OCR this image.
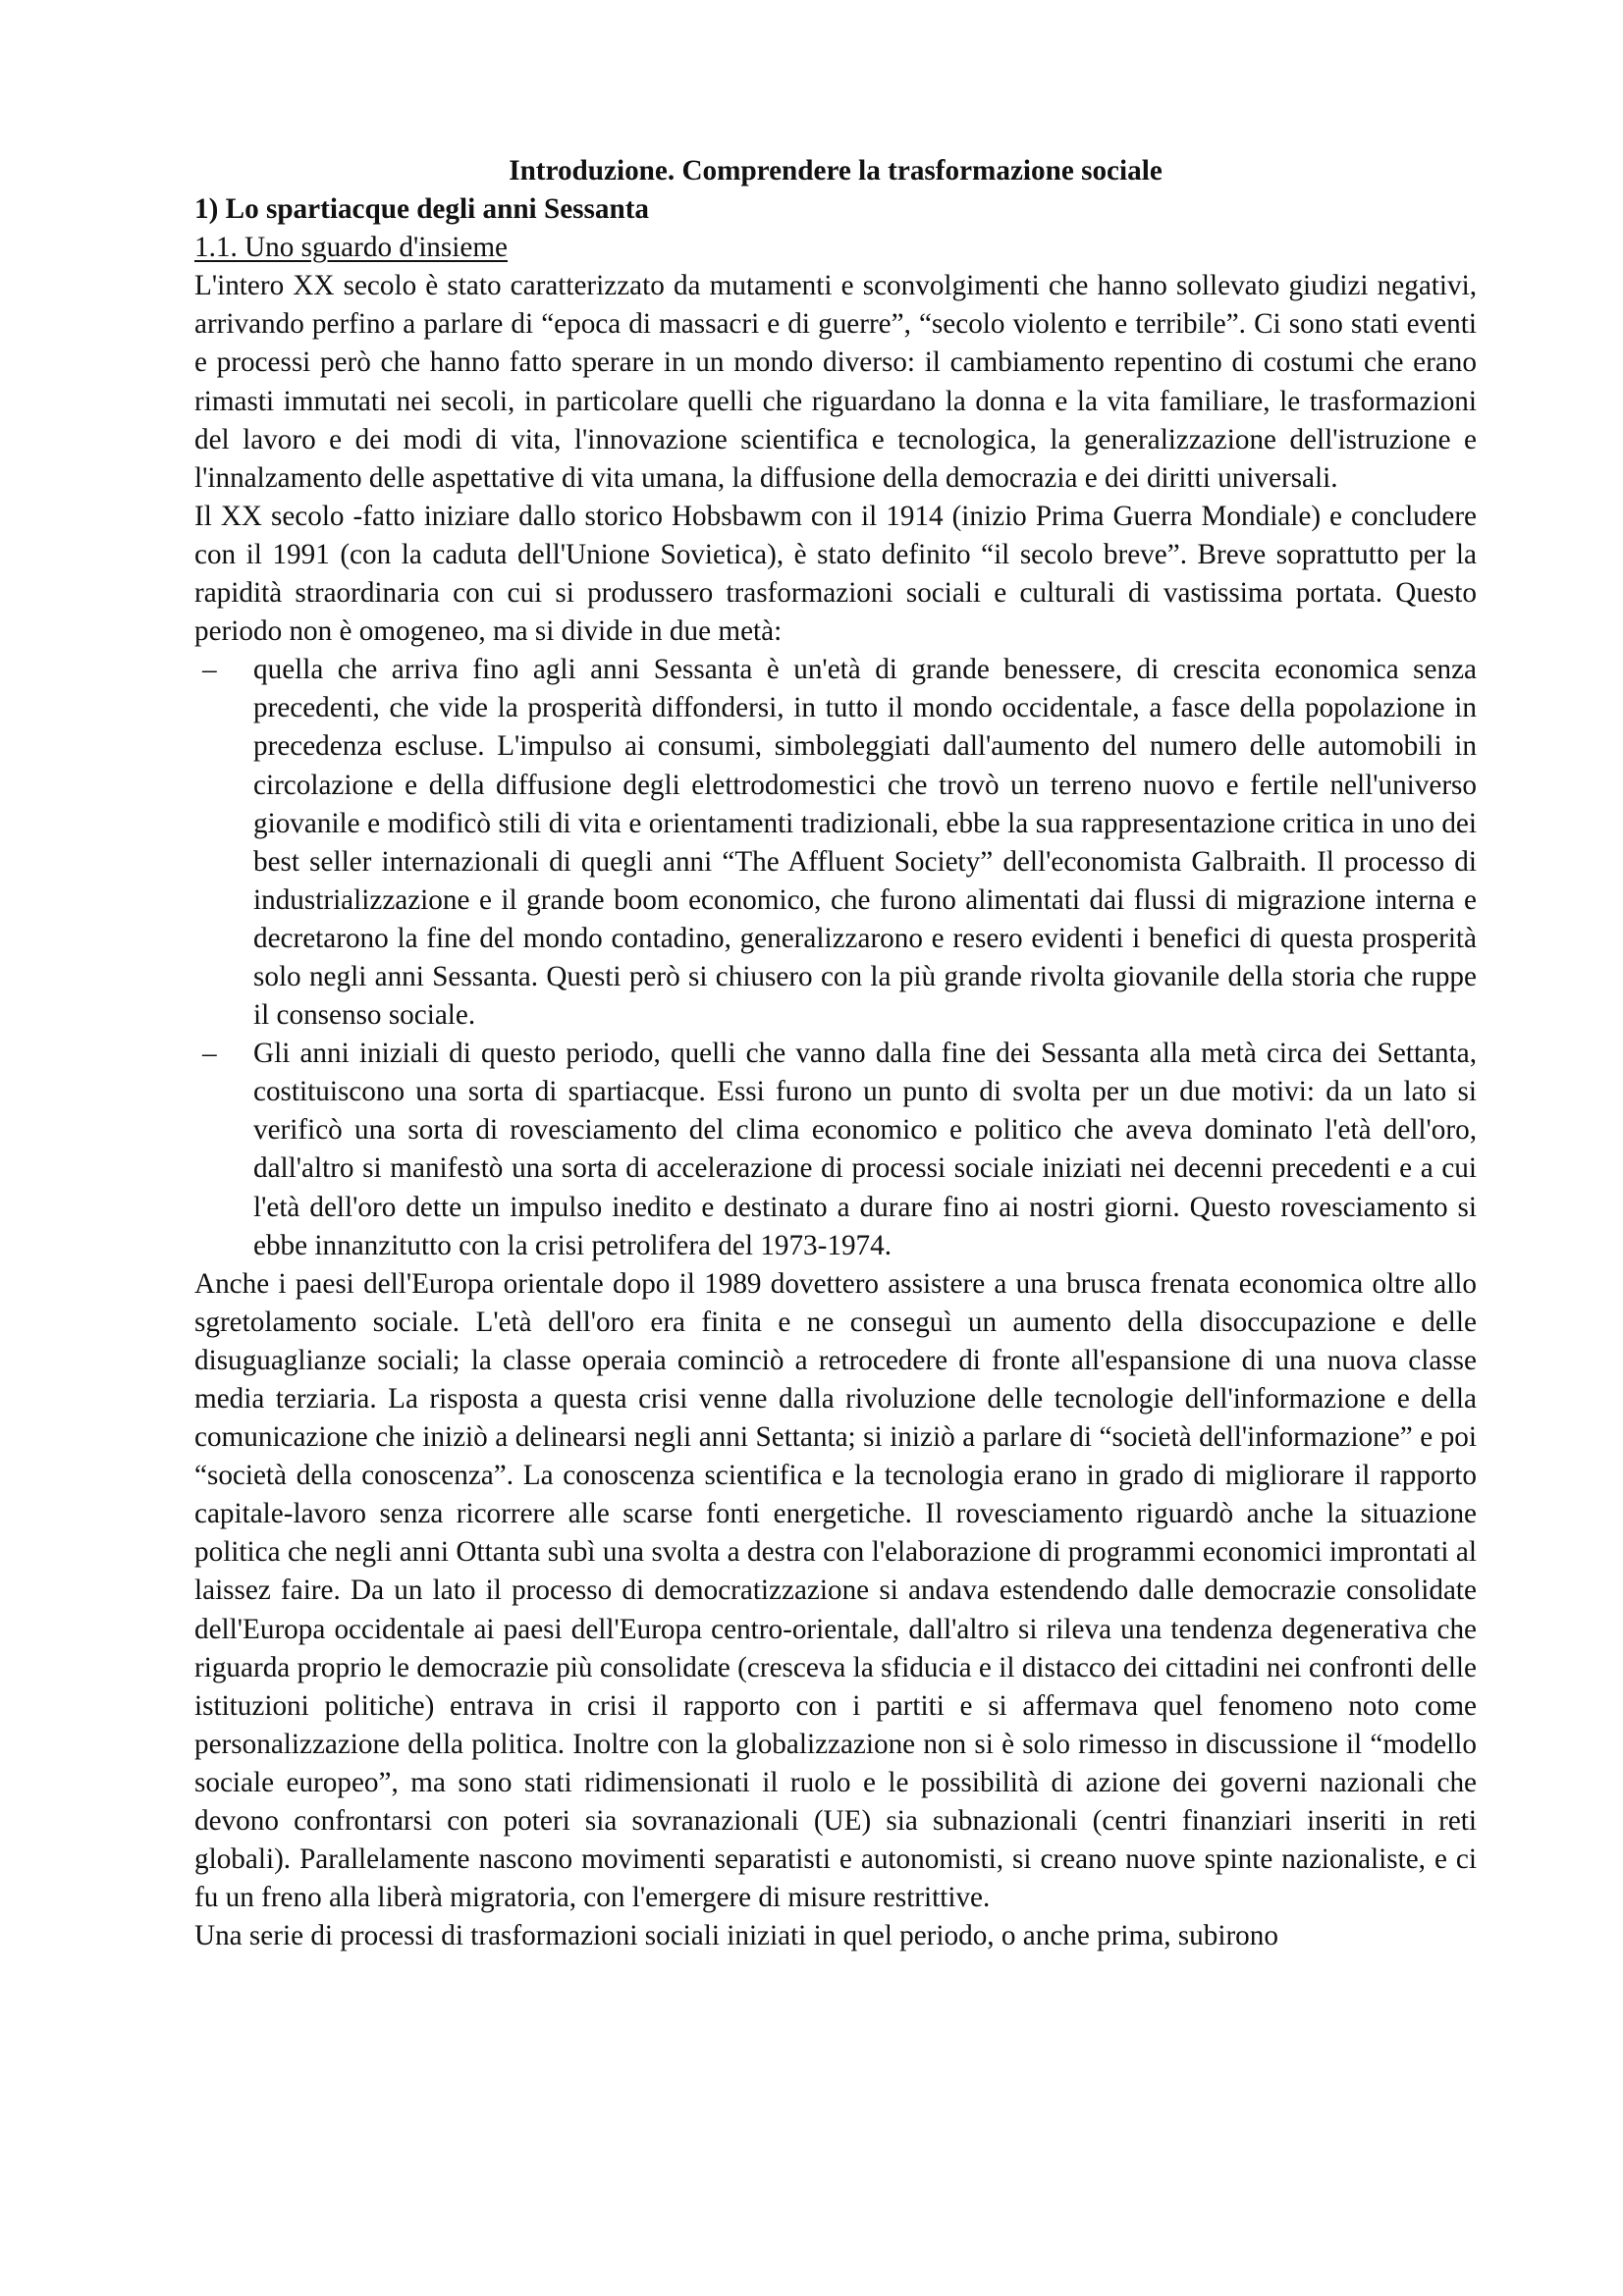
Introduzione. Comprendere la trasformazione sociale

1) Lo spartiacque degli anni Sessanta

1.1. Uno sguardo d'insieme

L'intero XX secolo è stato caratterizzato da mutamenti e sconvolgimenti che hanno sollevato giudizi negativi, arrivando perfino a parlare di “epoca di massacri e di guerre”, “secolo violento e terribile”. Ci sono stati eventi e processi però che hanno fatto sperare in un mondo diverso: il cambiamento repentino di costumi che erano rimasti immutati nei secoli, in particolare quelli che riguardano la donna e la vita familiare, le trasformazioni del lavoro e dei modi di vita, l'innovazione scientifica e tecnologica, la generalizzazione dell'istruzione e l'innalzamento delle aspettative di vita umana, la diffusione della democrazia e dei diritti universali.

Il XX secolo -fatto iniziare dallo storico Hobsbawm con il 1914 (inizio Prima Guerra Mondiale) e concludere con il 1991 (con la caduta dell'Unione Sovietica), è stato definito “il secolo breve”. Breve soprattutto per la rapidità straordinaria con cui si produssero trasformazioni sociali e culturali di vastissima portata. Questo periodo non è omogeneo, ma si divide in due metà:

– quella che arriva fino agli anni Sessanta è un'età di grande benessere, di crescita economica senza precedenti, che vide la prosperità diffondersi, in tutto il mondo occidentale, a fasce della popolazione in precedenza escluse. L'impulso ai consumi, simboleggiati dall'aumento del numero delle automobili in circolazione e della diffusione degli elettrodomestici che trovò un terreno nuovo e fertile nell'universo giovanile e modificò stili di vita e orientamenti tradizionali, ebbe la sua rappresentazione critica in uno dei best seller internazionali di quegli anni “The Affluent Society” dell'economista Galbraith. Il processo di industrializzazione e il grande boom economico, che furono alimentati dai flussi di migrazione interna e decretarono la fine del mondo contadino, generalizzarono e resero evidenti i benefici di questa prosperità solo negli anni Sessanta. Questi però si chiusero con la più grande rivolta giovanile della storia che ruppe il consenso sociale.
– Gli anni iniziali di questo periodo, quelli che vanno dalla fine dei Sessanta alla metà circa dei Settanta, costituiscono una sorta di spartiacque. Essi furono un punto di svolta per un due motivi: da un lato si verificò una sorta di rovesciamento del clima economico e politico che aveva dominato l'età dell'oro, dall'altro si manifestò una sorta di accelerazione di processi sociale iniziati nei decenni precedenti e a cui l'età dell'oro dette un impulso inedito e destinato a durare fino ai nostri giorni. Questo rovesciamento si ebbe innanzitutto con la crisi petrolifera del 1973-1974.

Anche i paesi dell'Europa orientale dopo il 1989 dovettero assistere a una brusca frenata economica oltre allo sgretolamento sociale. L'età dell'oro era finita e ne conseguì un aumento della disoccupazione e delle disuguaglianze sociali; la classe operaia cominciò a retrocedere di fronte all'espansione di una nuova classe media terziaria. La risposta a questa crisi venne dalla rivoluzione delle tecnologie dell'informazione e della comunicazione che iniziò a delinearsi negli anni Settanta; si iniziò a parlare di “società dell'informazione” e poi “società della conoscenza”. La conoscenza scientifica e la tecnologia erano in grado di migliorare il rapporto capitale-lavoro senza ricorrere alle scarse fonti energetiche. Il rovesciamento riguardò anche la situazione politica che negli anni Ottanta subì una svolta a destra con l'elaborazione di programmi economici improntati al laissez faire. Da un lato il processo di democratizzazione si andava estendendo dalle democrazie consolidate dell'Europa occidentale ai paesi dell'Europa centro-orientale, dall'altro si rileva una tendenza degenerativa che riguarda proprio le democrazie più consolidate (cresceva la sfiducia e il distacco dei cittadini nei confronti delle istituzioni politiche) entrava in crisi il rapporto con i partiti e si affermava quel fenomeno noto come personalizzazione della politica. Inoltre con la globalizzazione non si è solo rimesso in discussione il “modello sociale europeo”, ma sono stati ridimensionati il ruolo e le possibilità di azione dei governi nazionali che devono confrontarsi con poteri sia sovranazionali (UE) sia subnazionali (centri finanziari inseriti in reti globali). Parallelamente nascono movimenti separatisti e autonomisti, si creano nuove spinte nazionaliste, e ci fu un freno alla liberà migratoria, con l'emergere di misure restrittive.

Una serie di processi di trasformazioni sociali iniziati in quel periodo, o anche prima, subirono
